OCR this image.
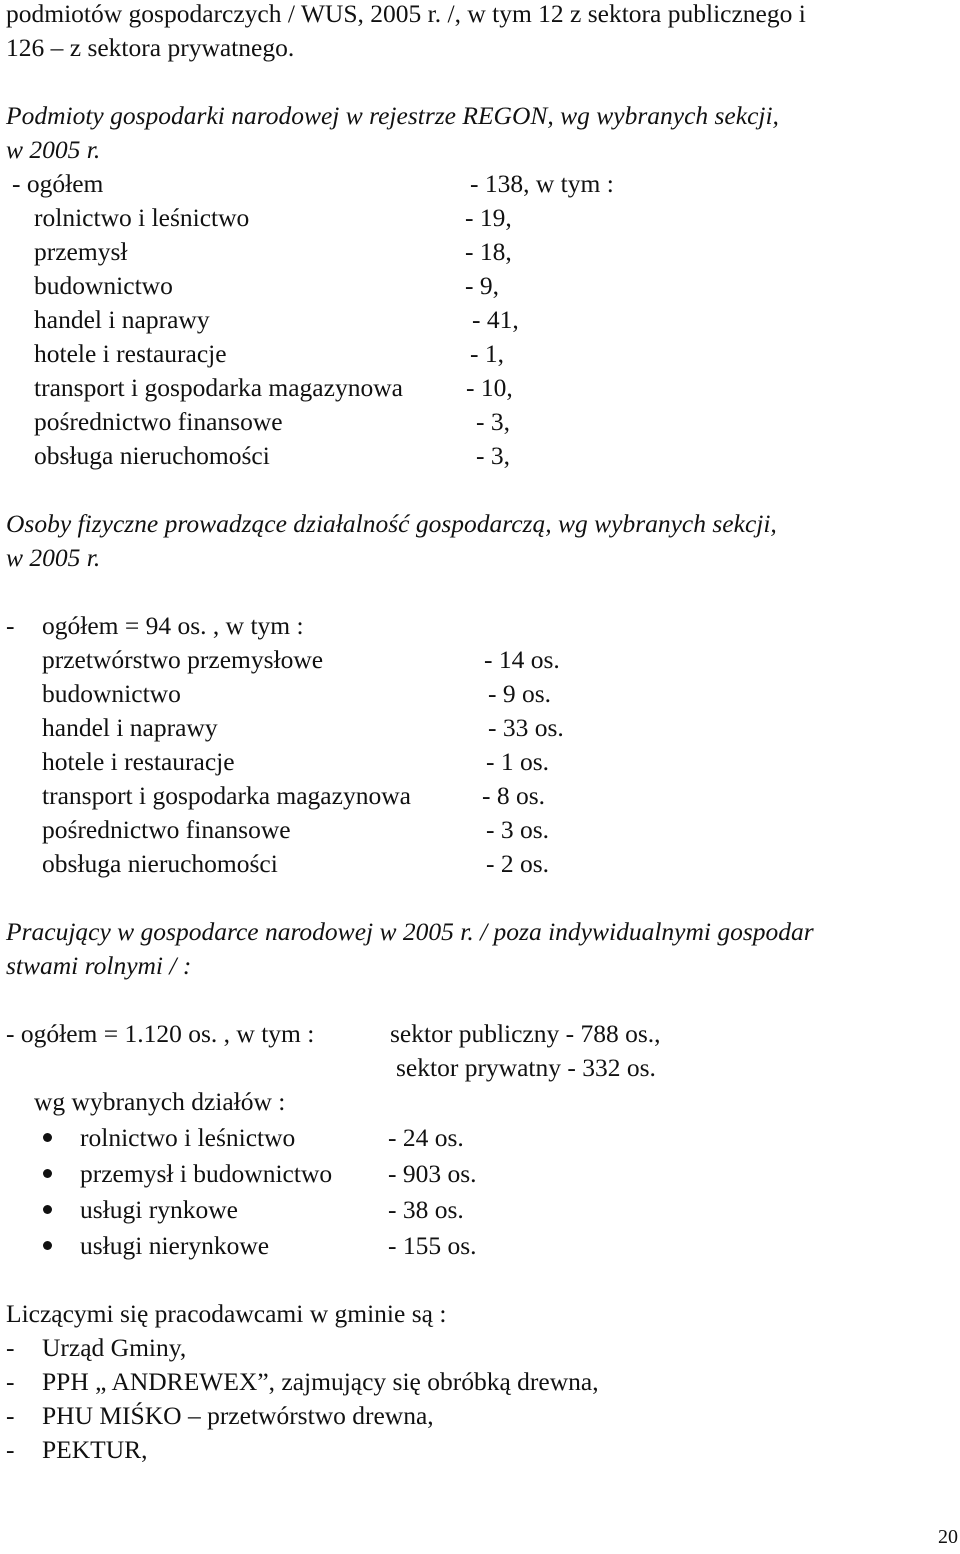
podmiotów gospodarczych / WUS, 2005 r. /, w tym 12 z sektora publicznego i
126 – z sektora prywatnego.
Podmioty gospodarki narodowej w rejestrze REGON, wg wybranych sekcji,
w 2005 r.
- ogółem	- 138, w tym :
rolnictwo i leśnictwo	- 19,
przemysł	- 18,
budownictwo	- 9,
handel i naprawy	- 41,
hotele i restauracje	- 1,
transport i gospodarka magazynowa - 10,
pośrednictwo finansowe	- 3,
obsługa nieruchomości	- 3,
Osoby fizyczne prowadzące działalność gospodarczą, wg wybranych sekcji,
w 2005 r.
- ogółem = 94 os. , w tym :
przetwórstwo przemysłowe	- 14 os.
budownictwo	- 9 os.
handel i naprawy	- 33 os.
hotele i restauracje	- 1 os.
transport i gospodarka magazynowa	- 8 os.
pośrednictwo finansowe	- 3 os.
obsługa nieruchomości	- 2 os.
Pracujący w gospodarce narodowej w 2005 r. / poza indywidualnymi gospodar
stwami rolnymi / :
- ogółem = 1.120 os. , w tym :	sektor publiczny - 788 os.,
sektor prywatny - 332 os.
wg wybranych działów :
rolnictwo i leśnictwo	- 24 os.
przemysł i budownictwo - 903 os.
usługi rynkowe	- 38 os.
usługi nierynkowe	- 155 os.
Liczącymi się pracodawcami w gminie są :
- Urząd Gminy,
- PPH „ ANDREWEX”, zajmujący się obróbką drewna,
- PHU MIŚKO – przetwórstwo drewna,
- PEKTUR,
20
